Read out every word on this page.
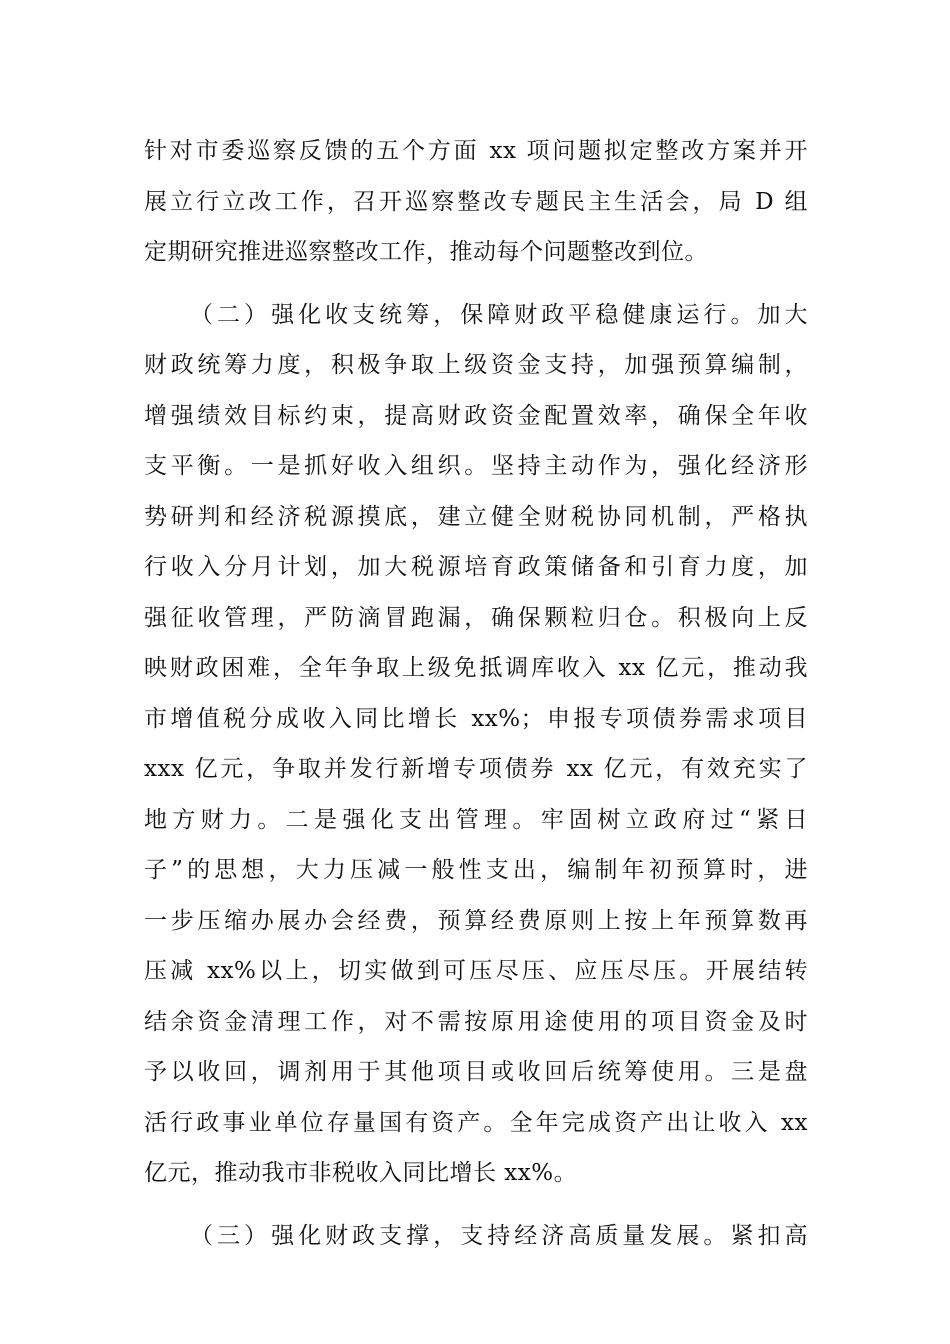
针对市委巡察反馈的五个方面 xx 项问题拟定整改方案并开
展立行立改工作，召开巡察整改专题民主生活会，局 D 组
定期研究推进巡察整改工作，推动每个问题整改到位。
（二）强化收支统筹，保障财政平稳健康运行。加大
财政统筹力度，积极争取上级资金支持，加强预算编制，
增强绩效目标约束，提高财政资金配置效率，确保全年收
支平衡。一是抓好收入组织。坚持主动作为，强化经济形
势研判和经济税源摸底，建立健全财税协同机制，严格执
行收入分月计划，加大税源培育政策储备和引育力度，加
强征收管理，严防滴冒跑漏，确保颗粒归仓。积极向上反
映财政困难，全年争取上级免抵调库收入 xx 亿元，推动我
市增值税分成收入同比增长 xx%；申报专项债券需求项目
xxx 亿元，争取并发行新增专项债券 xx 亿元，有效充实了
地方财力。二是强化支出管理。牢固树立政府过“紧日
子”的思想，大力压减一般性支出，编制年初预算时，进
一步压缩办展办会经费，预算经费原则上按上年预算数再
压减 xx%以上，切实做到可压尽压、应压尽压。开展结转
结余资金清理工作，对不需按原用途使用的项目资金及时
予以收回，调剂用于其他项目或收回后统筹使用。三是盘
活行政事业单位存量国有资产。全年完成资产出让收入 xx
亿元，推动我市非税收入同比增长 xx%。
（三）强化财政支撑，支持经济高质量发展。紧扣高
